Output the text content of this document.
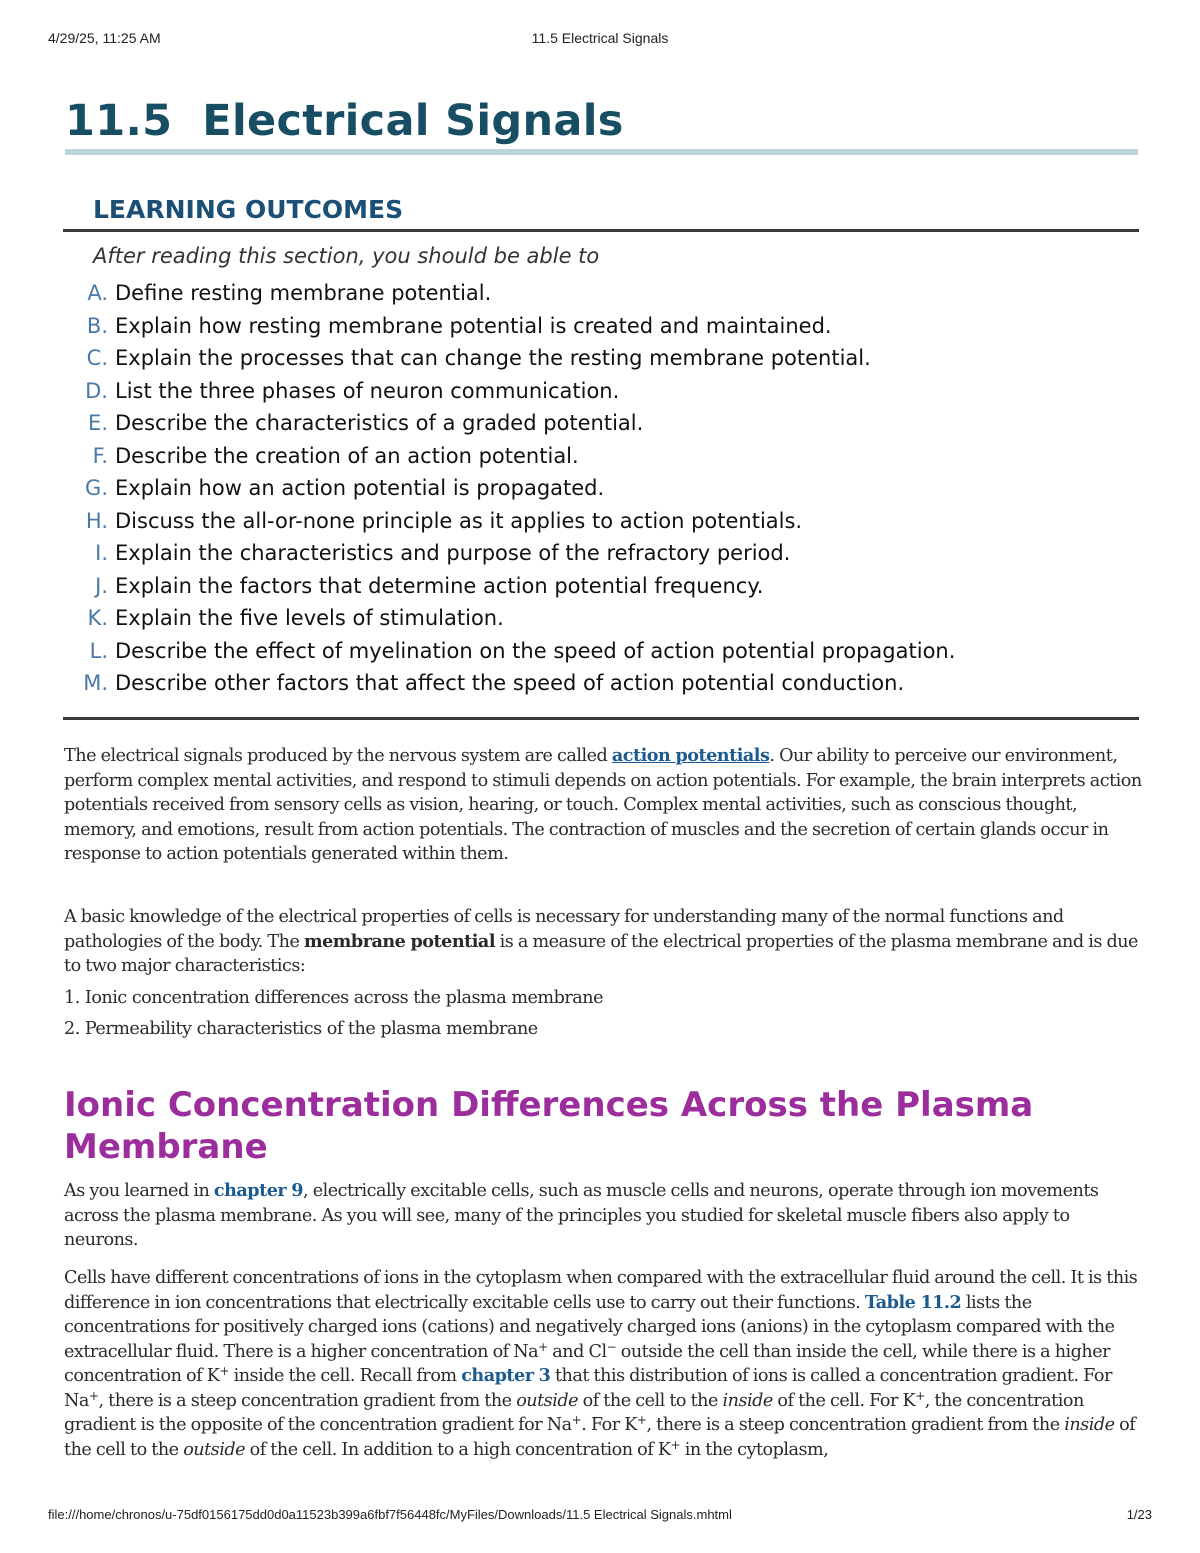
4/29/25, 11:25 AM	11.5 Electrical Signals
11.5 Electrical Signals
LEARNING OUTCOMES
After reading this section, you should be able to
A. Define resting membrane potential.
B. Explain how resting membrane potential is created and maintained.
C. Explain the processes that can change the resting membrane potential.
D. List the three phases of neuron communication.
E. Describe the characteristics of a graded potential.
F. Describe the creation of an action potential.
G. Explain how an action potential is propagated.
H. Discuss the all-or-none principle as it applies to action potentials.
I. Explain the characteristics and purpose of the refractory period.
J. Explain the factors that determine action potential frequency.
K. Explain the five levels of stimulation.
L. Describe the effect of myelination on the speed of action potential propagation.
M. Describe other factors that affect the speed of action potential conduction.

The electrical signals produced by the nervous system are called action potentials. Our ability to perceive our environment, perform complex mental activities, and respond to stimuli depends on action potentials. For example, the brain interprets action potentials received from sensory cells as vision, hearing, or touch. Complex mental activities, such as conscious thought, memory, and emotions, result from action potentials. The contraction of muscles and the secretion of certain glands occur in response to action potentials generated within them.

A basic knowledge of the electrical properties of cells is necessary for understanding many of the normal functions and pathologies of the body. The membrane potential is a measure of the electrical properties of the plasma membrane and is due to two major characteristics:

1. Ionic concentration differences across the plasma membrane
2. Permeability characteristics of the plasma membrane
Ionic Concentration Differences Across the Plasma Membrane

As you learned in chapter 9, electrically excitable cells, such as muscle cells and neurons, operate through ion movements across the plasma membrane. As you will see, many of the principles you studied for skeletal muscle fibers also apply to neurons.

Cells have different concentrations of ions in the cytoplasm when compared with the extracellular fluid around the cell. It is this difference in ion concentrations that electrically excitable cells use to carry out their functions. Table 11.2 lists the concentrations for positively charged ions (cations) and negatively charged ions (anions) in the cytoplasm compared with the extracellular fluid. There is a higher concentration of Na+ and Cl− outside the cell than inside the cell, while there is a higher concentration of K+ inside the cell. Recall from chapter 3 that this distribution of ions is called a concentration gradient. For Na+, there is a steep concentration gradient from the outside of the cell to the inside of the cell. For K+, the concentration gradient is the opposite of the concentration gradient for Na+. For K+, there is a steep concentration gradient from the inside of the cell to the outside of the cell. In addition to a high concentration of K+ in the cytoplasm,

file:///home/chronos/u-75df0156175dd0d0a11523b399a6fbf7f56448fc/MyFiles/Downloads/11.5 Electrical Signals.mhtml	1/23
